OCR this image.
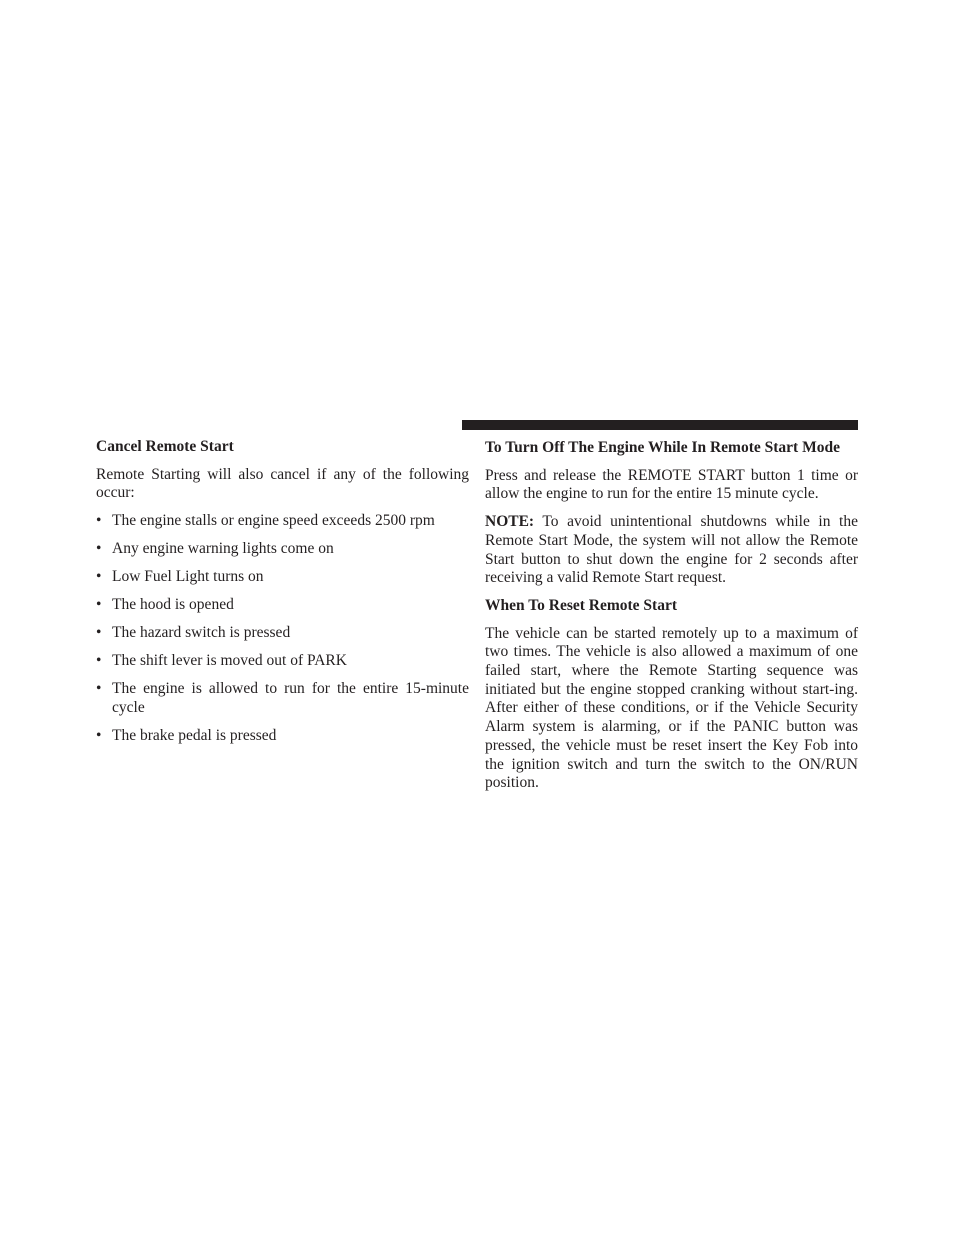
Cancel Remote Start

Remote Starting will also cancel if any of the following occur:

• The engine stalls or engine speed exceeds 2500 rpm
• Any engine warning lights come on
• Low Fuel Light turns on
• The hood is opened
• The hazard switch is pressed
• The shift lever is moved out of PARK
• The engine is allowed to run for the entire 15-minute cycle
• The brake pedal is pressed
To Turn Off The Engine While In Remote Start Mode

Press and release the REMOTE START button 1 time or allow the engine to run for the entire 15 minute cycle.

NOTE: To avoid unintentional shutdowns while in the Remote Start Mode, the system will not allow the Remote Start button to shut down the engine for 2 seconds after receiving a valid Remote Start request.

When To Reset Remote Start

The vehicle can be started remotely up to a maximum of two times. The vehicle is also allowed a maximum of one failed start, where the Remote Starting sequence was initiated but the engine stopped cranking without start-ing. After either of these conditions, or if the Vehicle Security Alarm system is alarming, or if the PANIC button was pressed, the vehicle must be reset insert the Key Fob into the ignition switch and turn the switch to the ON/RUN position.
